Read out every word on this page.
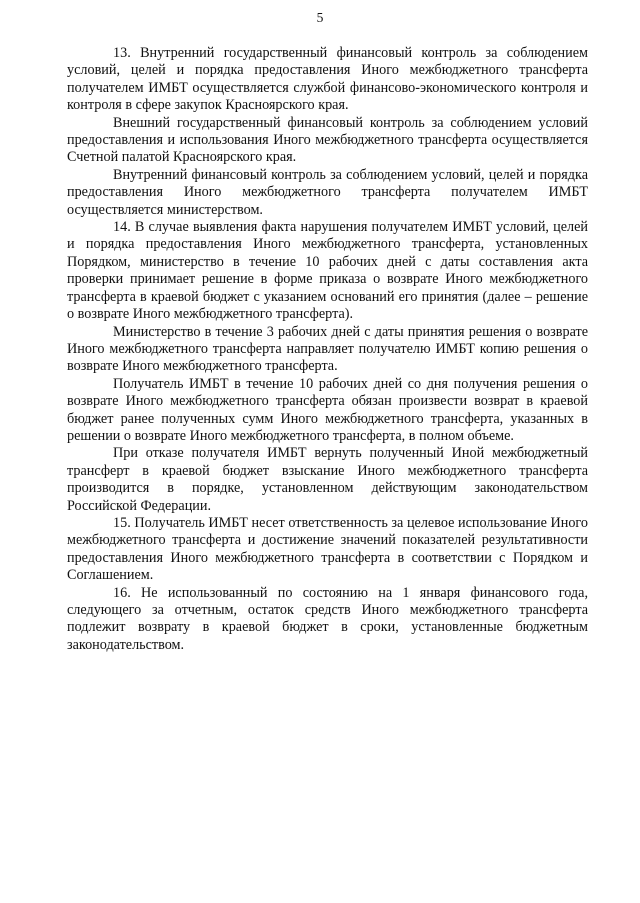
5

13. Внутренний государственный финансовый контроль за соблюдением условий, целей и порядка предоставления Иного межбюджетного трансферта получателем ИМБТ осуществляется службой финансово-экономического контроля и контроля в сфере закупок Красноярского края.

Внешний государственный финансовый контроль за соблюдением условий предоставления и использования Иного межбюджетного трансферта осуществляется Счетной палатой Красноярского края.

Внутренний финансовый контроль за соблюдением условий, целей и порядка предоставления Иного межбюджетного трансферта получателем ИМБТ осуществляется министерством.

14. В случае выявления факта нарушения получателем ИМБТ условий, целей и порядка предоставления Иного межбюджетного трансферта, установленных Порядком, министерство в течение 10 рабочих дней с даты составления акта проверки принимает решение в форме приказа о возврате Иного межбюджетного трансферта в краевой бюджет с указанием оснований его принятия (далее – решение о возврате Иного межбюджетного трансферта).

Министерство в течение 3 рабочих дней с даты принятия решения о возврате Иного межбюджетного трансферта направляет получателю ИМБТ копию решения о возврате Иного межбюджетного трансферта.

Получатель ИМБТ в течение 10 рабочих дней со дня получения решения о возврате Иного межбюджетного трансферта обязан произвести возврат в краевой бюджет ранее полученных сумм Иного межбюджетного трансферта, указанных в решении о возврате Иного межбюджетного трансферта, в полном объеме.

При отказе получателя ИМБТ вернуть полученный Иной межбюджетный трансферт в краевой бюджет взыскание Иного межбюджетного трансферта производится в порядке, установленном действующим законодательством Российской Федерации.

15. Получатель ИМБТ несет ответственность за целевое использование Иного межбюджетного трансферта и достижение значений показателей результативности предоставления Иного межбюджетного трансферта в соответствии с Порядком и Соглашением.

16. Не использованный по состоянию на 1 января финансового года, следующего за отчетным, остаток средств Иного межбюджетного трансферта подлежит возврату в краевой бюджет в сроки, установленные бюджетным законодательством.
